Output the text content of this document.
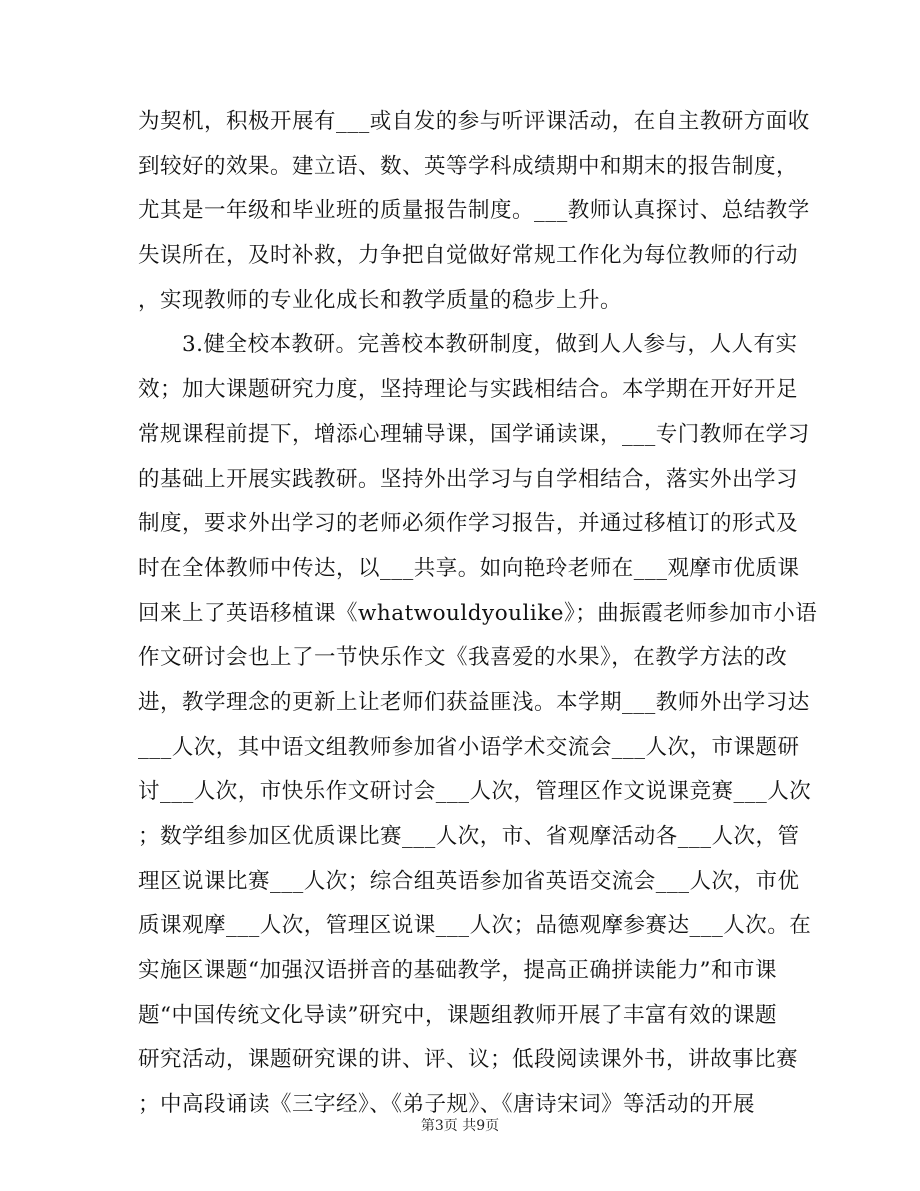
为契机，积极开展有___或自发的参与听评课活动，在自主教研方面收
到较好的效果。建立语、数、英等学科成绩期中和期末的报告制度，
尤其是一年级和毕业班的质量报告制度。___教师认真探讨、总结教学
失误所在，及时补救，力争把自觉做好常规工作化为每位教师的行动
，实现教师的专业化成长和教学质量的稳步上升。
　　3.健全校本教研。完善校本教研制度，做到人人参与，人人有实
效；加大课题研究力度，坚持理论与实践相结合。本学期在开好开足
常规课程前提下，增添心理辅导课，国学诵读课，___专门教师在学习
的基础上开展实践教研。坚持外出学习与自学相结合，落实外出学习
制度，要求外出学习的老师必须作学习报告，并通过移植订的形式及
时在全体教师中传达，以___共享。如向艳玲老师在___观摩市优质课
回来上了英语移植课《whatwouldyoulike》；曲振霞老师参加市小语
作文研讨会也上了一节快乐作文《我喜爱的水果》，在教学方法的改
进，教学理念的更新上让老师们获益匪浅。本学期___教师外出学习达
___人次，其中语文组教师参加省小语学术交流会___人次，市课题研
讨___人次，市快乐作文研讨会___人次，管理区作文说课竞赛___人次
；数学组参加区优质课比赛___人次，市、省观摩活动各___人次，管
理区说课比赛___人次；综合组英语参加省英语交流会___人次，市优
质课观摩___人次，管理区说课___人次；品德观摩参赛达___人次。在
实施区课题“加强汉语拼音的基础教学，提高正确拼读能力”和市课
题“中国传统文化导读”研究中，课题组教师开展了丰富有效的课题
研究活动，课题研究课的讲、评、议；低段阅读课外书，讲故事比赛
；中高段诵读《三字经》、《弟子规》、《唐诗宋词》等活动的开展
第3页 共9页
